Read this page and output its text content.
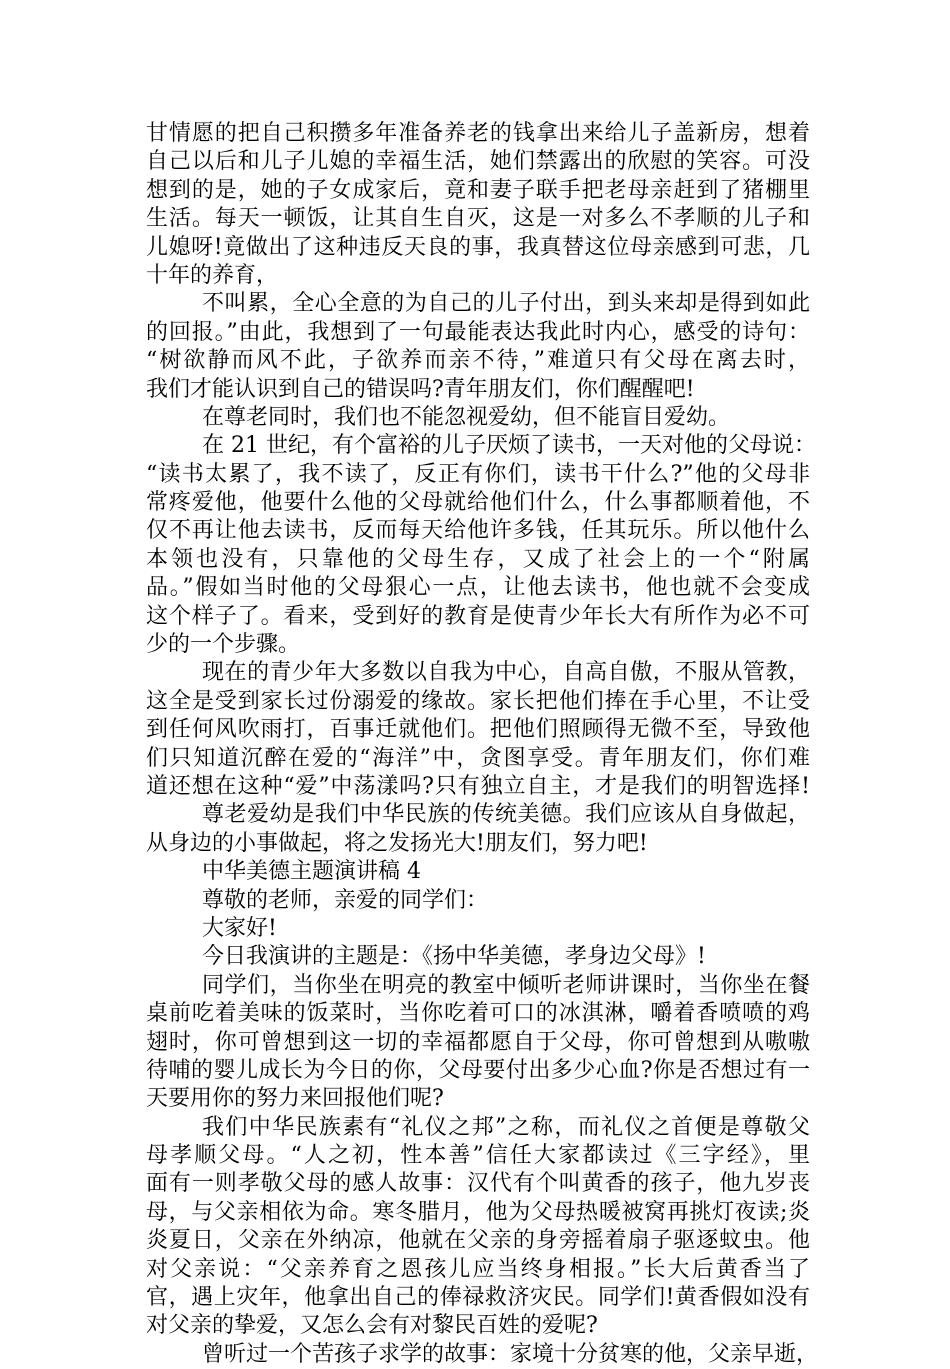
甘情愿的把自己积攒多年准备养老的钱拿出来给儿子盖新房，想着
自己以后和儿子儿媳的幸福生活，她们禁露出的欣慰的笑容。可没
想到的是，她的子女成家后，竟和妻子联手把老母亲赶到了猪棚里
生活。每天一顿饭，让其自生自灭，这是一对多么不孝顺的儿子和
儿媳呀!竟做出了这种违反天良的事，我真替这位母亲感到可悲，几
十年的养育，
不叫累，全心全意的为自己的儿子付出，到头来却是得到如此
的回报。”由此，我想到了一句最能表达我此时内心，感受的诗句：
“树欲静而风不此，子欲养而亲不待，”难道只有父母在离去时，
我们才能认识到自己的错误吗?青年朋友们，你们醒醒吧!
在尊老同时，我们也不能忽视爱幼，但不能盲目爱幼。
在 21 世纪，有个富裕的儿子厌烦了读书，一天对他的父母说：
“读书太累了，我不读了，反正有你们，读书干什么?”他的父母非
常疼爱他，他要什么他的父母就给他们什么，什么事都顺着他，不
仅不再让他去读书，反而每天给他许多钱，任其玩乐。所以他什么
本领也没有，只靠他的父母生存，又成了社会上的一个“附属
品。”假如当时他的父母狠心一点，让他去读书，他也就不会变成
这个样子了。看来，受到好的教育是使青少年长大有所作为必不可
少的一个步骤。
现在的青少年大多数以自我为中心，自高自傲，不服从管教，
这全是受到家长过份溺爱的缘故。家长把他们捧在手心里，不让受
到任何风吹雨打，百事迁就他们。把他们照顾得无微不至，导致他
们只知道沉醉在爱的“海洋”中，贪图享受。青年朋友们，你们难
道还想在这种“爱”中荡漾吗?只有独立自主，才是我们的明智选择!
尊老爱幼是我们中华民族的传统美德。我们应该从自身做起，
从身边的小事做起，将之发扬光大!朋友们，努力吧!
中华美德主题演讲稿 4
尊敬的老师，亲爱的同学们：
大家好!
今日我演讲的主题是：《扬中华美德，孝身边父母》!
同学们，当你坐在明亮的教室中倾听老师讲课时，当你坐在餐
桌前吃着美味的饭菜时，当你吃着可口的冰淇淋，嚼着香喷喷的鸡
翅时，你可曾想到这一切的幸福都愿自于父母，你可曾想到从嗷嗷
待哺的婴儿成长为今日的你，父母要付出多少心血?你是否想过有一
天要用你的努力来回报他们呢?
我们中华民族素有“礼仪之邦”之称，而礼仪之首便是尊敬父
母孝顺父母。“人之初，性本善”信任大家都读过《三字经》，里
面有一则孝敬父母的感人故事：汉代有个叫黄香的孩子，他九岁丧
母，与父亲相依为命。寒冬腊月，他为父母热暖被窝再挑灯夜读;炎
炎夏日，父亲在外纳凉，他就在父亲的身旁摇着扇子驱逐蚊虫。他
对父亲说：“父亲养育之恩孩儿应当终身相报。”长大后黄香当了
官，遇上灾年，他拿出自己的俸禄救济灾民。同学们!黄香假如没有
对父亲的挚爱，又怎么会有对黎民百姓的爱呢?
曾听过一个苦孩子求学的故事：家境十分贫寒的他，父亲早逝，
